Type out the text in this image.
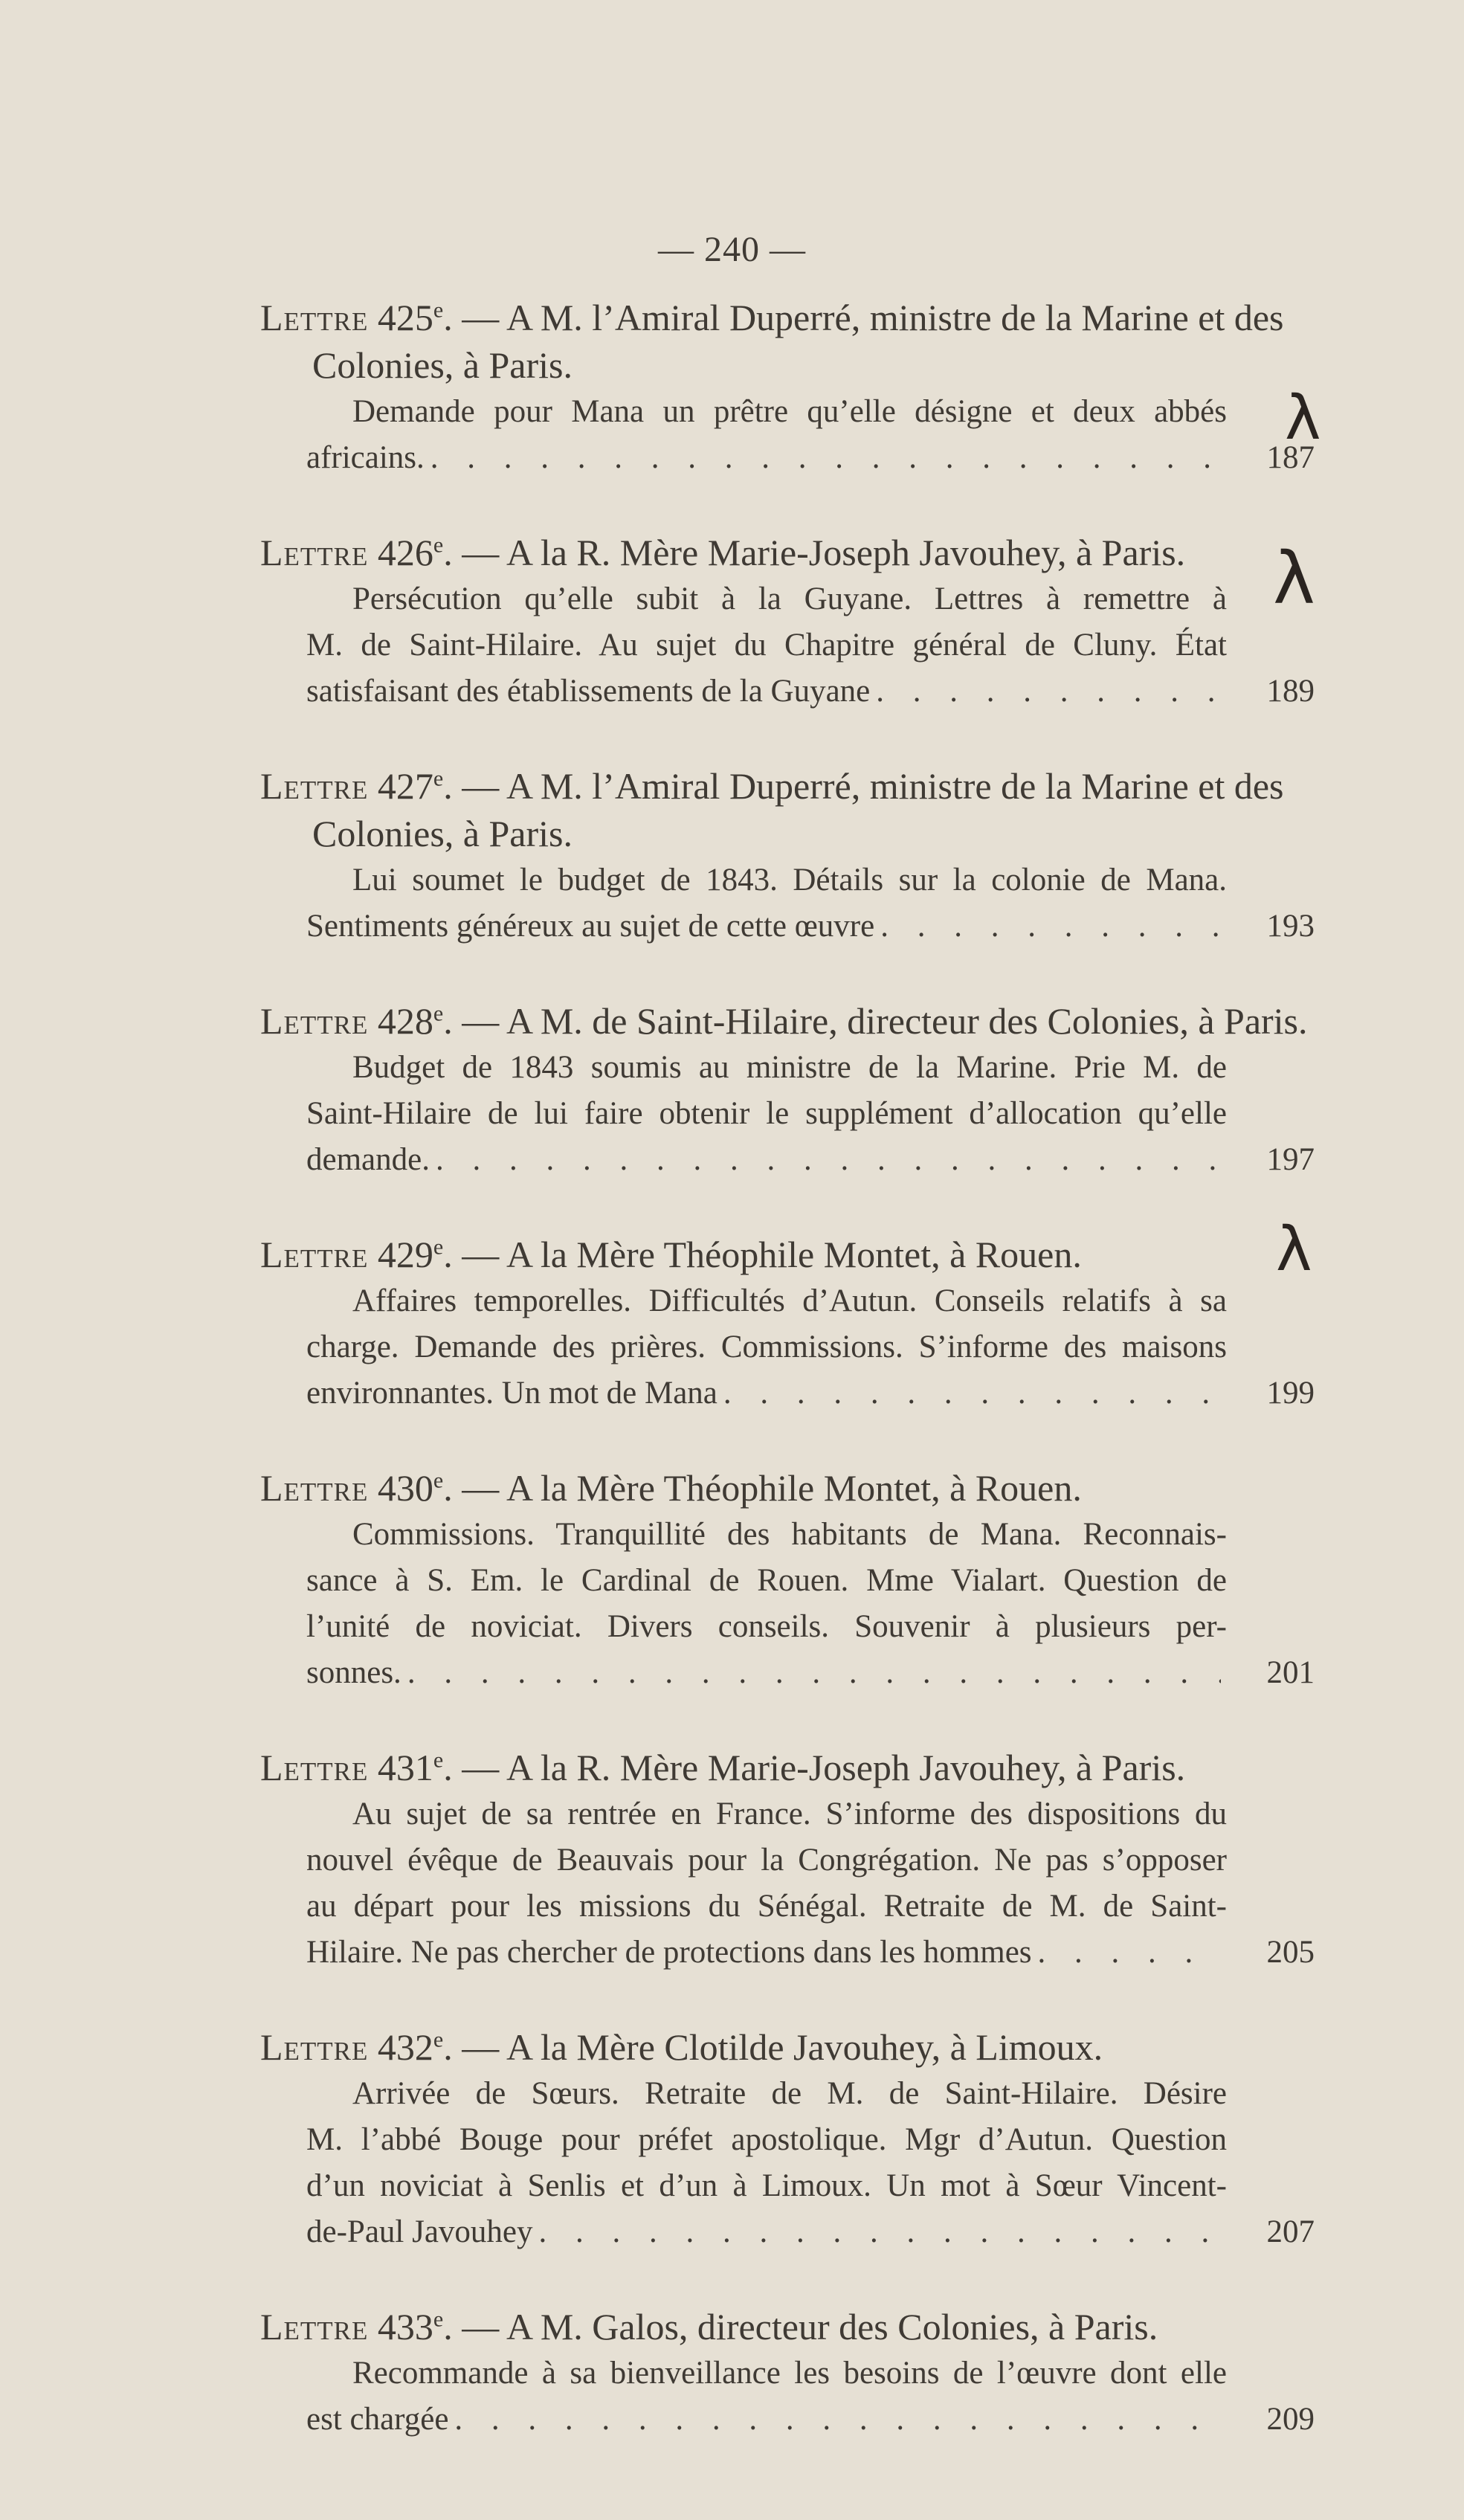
— 240 —
Lettre 425e. — A M. l’Amiral Duperré, ministre de la Marine et des Colonies, à Paris.
Demande pour Mana un prêtre qu’elle désigne et deux abbés
africains. . . .	187
Lettre 426e. — A la R. Mère Marie-Joseph Javouhey, à Paris.
Persécution qu’elle subit à la Guyane. Lettres à remettre à
M. de Saint-Hilaire. Au sujet du Chapitre général de Cluny. État
satisfaisant des établissements de la Guyane . . .	189
Lettre 427e. — A M. l’Amiral Duperré, ministre de la Marine et des Colonies, à Paris.
Lui soumet le budget de 1843. Détails sur la colonie de Mana.
Sentiments généreux au sujet de cette œuvre . . .	193
Lettre 428e. — A M. de Saint-Hilaire, directeur des Colonies, à Paris.
Budget de 1843 soumis au ministre de la Marine. Prie M. de
Saint-Hilaire de lui faire obtenir le supplément d’allocation qu’elle
demande. . . .	197
Lettre 429e. — A la Mère Théophile Montet, à Rouen.
Affaires temporelles. Difficultés d’Autun. Conseils relatifs à sa
charge. Demande des prières. Commissions. S’informe des maisons
environnantes. Un mot de Mana . . .	199
Lettre 430e. — A la Mère Théophile Montet, à Rouen.
Commissions. Tranquillité des habitants de Mana. Reconnais-
sance à S. Em. le Cardinal de Rouen. Mme Vialart. Question de
l’unité de noviciat. Divers conseils. Souvenir à plusieurs per-
sonnes. . . .	201
Lettre 431e. — A la R. Mère Marie-Joseph Javouhey, à Paris.
Au sujet de sa rentrée en France. S’informe des dispositions du
nouvel évêque de Beauvais pour la Congrégation. Ne pas s’opposer
au départ pour les missions du Sénégal. Retraite de M. de Saint-
Hilaire. Ne pas chercher de protections dans les hommes . . .	205
Lettre 432e. — A la Mère Clotilde Javouhey, à Limoux.
Arrivée de Sœurs. Retraite de M. de Saint-Hilaire. Désire
M. l’abbé Bouge pour préfet apostolique. Mgr d’Autun. Question
d’un noviciat à Senlis et d’un à Limoux. Un mot à Sœur Vincent-
de-Paul Javouhey . . .	207
Lettre 433e. — A M. Galos, directeur des Colonies, à Paris.
Recommande à sa bienveillance les besoins de l’œuvre dont elle
est chargée . . .	209
λ
λ
λ
